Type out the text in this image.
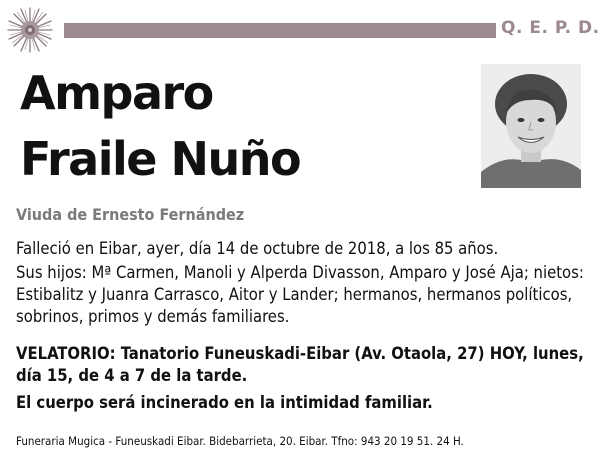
Q. E. P. D.
Amparo
Fraile Nuño
Viuda de Ernesto Fernández
Falleció en Eibar, ayer, día 14 de octubre de 2018, a los 85 años.
Sus hijos: Mª Carmen, Manoli y Alperda Divasson, Amparo y José Aja; nietos: Estibalitz y Juanra Carrasco, Aitor y Lander; hermanos, hermanos políticos, sobrinos, primos y demás familiares.
VELATORIO: Tanatorio Funeuskadi-Eibar (Av. Otaola, 27) HOY, lunes, día 15, de 4 a 7 de la tarde.
El cuerpo será incinerado en la intimidad familiar.
Funeraria Mugica - Funeuskadi Eibar. Bidebarrieta, 20. Eibar. Tfno: 943 20 19 51. 24 H.
